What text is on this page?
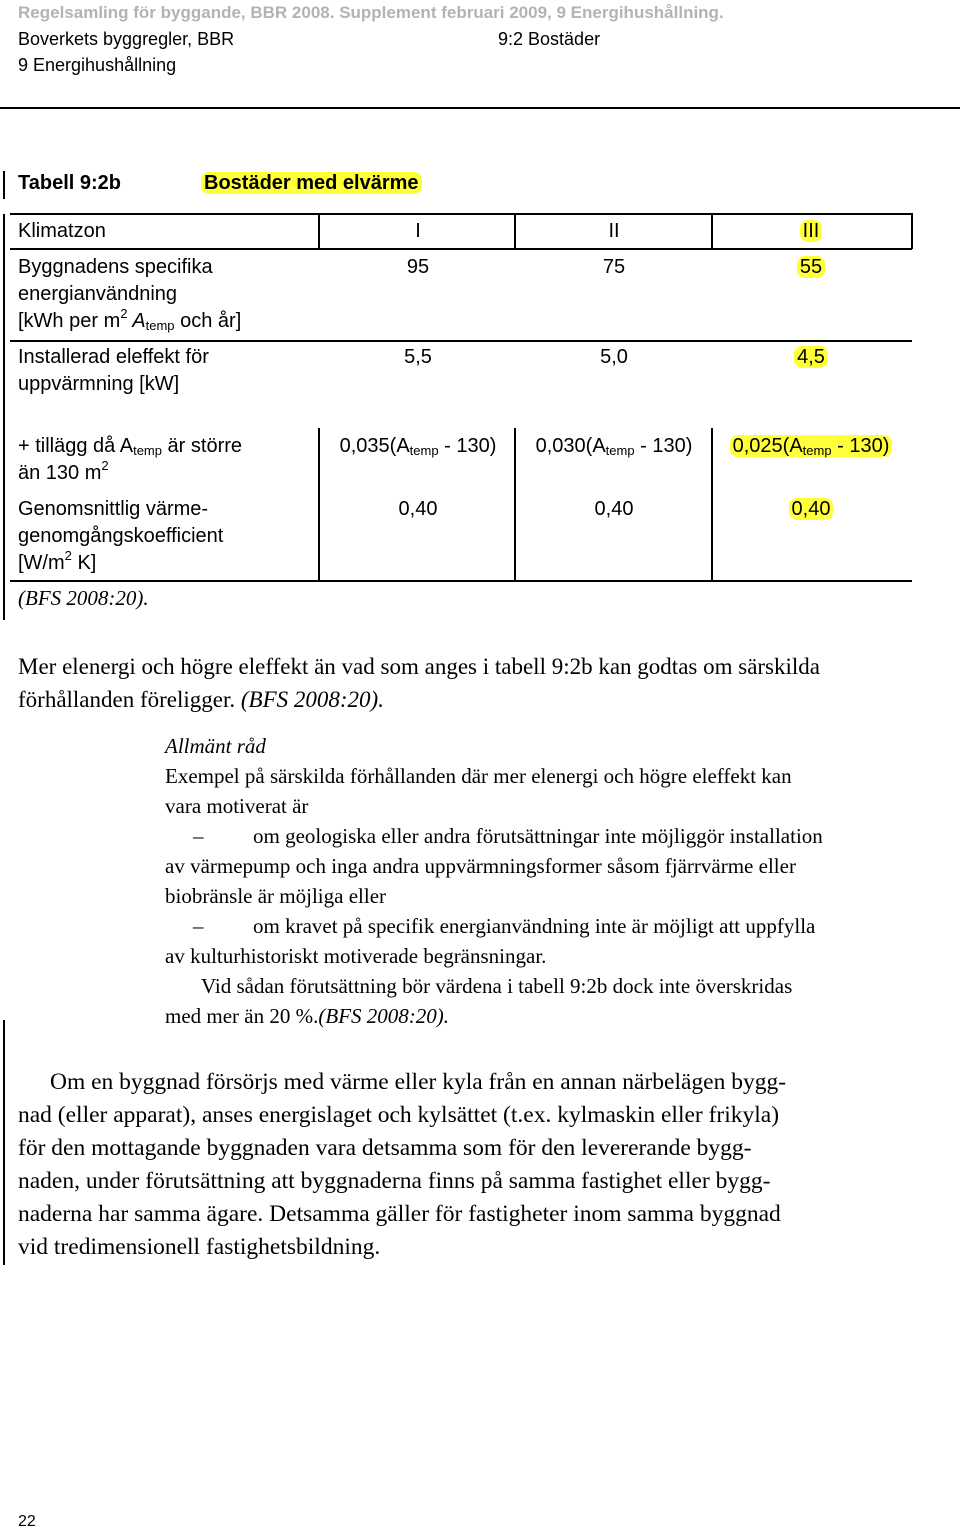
Regelsamling för byggande, BBR 2008. Supplement februari 2009, 9 Energihushållning.
Boverkets byggregler, BBR	9:2 Bostäder
9 Energihushållning
Tabell 9:2b	Bostäder med elvärme
Klimatzon	I	II	III
Byggnadens specifika
energianvändning
[kWh per $m^2$ $A_{temp}$ och år]
95	75	55
Installerad eleffekt för
uppvärmning [kW]
5,5	5,0	4,5
+ tillägg då $A_{temp}$ är större
än 130 $m^2$
$0,035(A_{temp} - 130)$	$0,030(A_{temp} - 130)$	$0,025(A_{temp} - 130)$
Genomsnittlig värme-
genomgångskoefficient
[$W/m^2$ K]
0,40	0,40	0,40
(BFS 2008:20).
Mer elenergi och högre eleffekt än vad som anges i tabell 9:2b kan godtas om särskilda förhållanden föreligger. (BFS 2008:20).
Allmänt råd
Exempel på särskilda förhållanden där mer elenergi och högre eleffekt kan
vara motiverat är
– om geologiska eller andra förutsättningar inte möjliggör installation
av värmepump och inga andra uppvärmningsformer såsom fjärrvärme eller
biobränsle är möjliga eller
– om kravet på specifik energianvändning inte är möjligt att uppfylla
av kulturhistoriskt motiverade begränsningar.
Vid sådan förutsättning bör värdena i tabell 9:2b dock inte överskridas
med mer än 20 %.(BFS 2008:20).
Om en byggnad försörjs med värme eller kyla från en annan närbelägen bygg-
nad (eller apparat), anses energislaget och kylsättet (t.ex. kylmaskin eller frikyla)
för den mottagande byggnaden vara detsamma som för den levererande bygg-
naden, under förutsättning att byggnaderna finns på samma fastighet eller bygg-
naderna har samma ägare. Detsamma gäller för fastigheter inom samma byggnad
vid tredimensionell fastighetsbildning.
22
